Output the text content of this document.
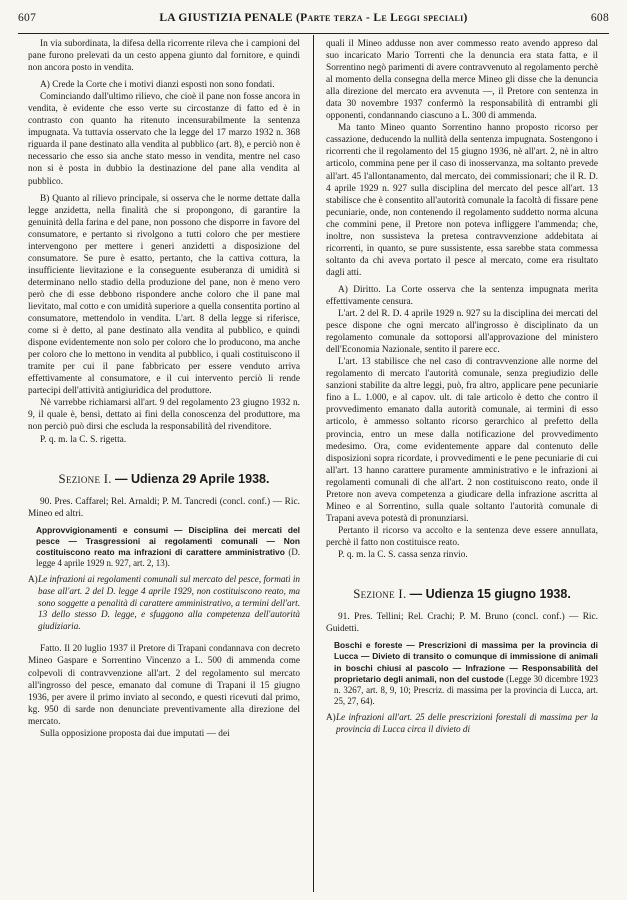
607	LA GIUSTIZIA PENALE (Parte terza - Le Leggi speciali)	608

In via subordinata, la difesa della ricorrente rileva che i campioni del pane furono prelevati da un cesto appena giunto dal fornitore, e quindi non ancora posto in vendita.

A) Crede la Corte che i motivi dianzi esposti non sono fondati.

Cominciando dall'ultimo rilievo, che cioè il pane non fosse ancora in vendita, è evidente che esso verte su circostanze di fatto ed è in contrasto con quanto ha ritenuto incensurabilmente la sentenza impugnata. Va tuttavia osservato che la legge del 17 marzo 1932 n. 368 riguarda il pane destinato alla vendita al pubblico (art. 8), e perciò non è necessario che esso sia anche stato messo in vendita, mentre nel caso non si è posta in dubbio la destinazione del pane alla vendita al pubblico.

B) Quanto al rilievo principale, si osserva che le norme dettate dalla legge anzidetta, nella finalità che si propongono, di garantire la genuinità della farina e del pane, non possono che disporre in favore del consumatore, e pertanto si rivolgono a tutti coloro che per mestiere intervengono per mettere i generi anzidetti a disposizione del consumatore. Se pure è esatto, pertanto, che la cattiva cottura, la insufficiente lievitazione e la conseguente esuberanza di umidità si determinano nello stadio della produzione del pane, non è meno vero però che di esse debbono rispondere anche coloro che il pane mal lievitato, mal cotto e con umidità superiore a quella consentita portino al consumatore, mettendolo in vendita. L'art. 8 della legge si riferisce, come si è detto, al pane destinato alla vendita al pubblico, e quindi dispone evidentemente non solo per coloro che lo producono, ma anche per coloro che lo mettono in vendita al pubblico, i quali costituiscono il tramite per cui il pane fabbricato per essere venduto arriva effettivamente al consumatore, e il cui intervento perciò li rende partecipi dell'attività antigiuridica del produttore.

Nè varrebbe richiamarsi all'art. 9 del regolamento 23 giugno 1932 n. 9, il quale è, bensì, dettato ai fini della conoscenza del produttore, ma non perciò può dirsi che escluda la responsabilità del rivenditore.

P. q. m. la C. S. rigetta.

Sezione I. — Udienza 29 Aprile 1938.

90. Pres. Caffarel; Rel. Arnaldi; P. M. Tancredi (concl. conf.) — Ric. Mineo ed altri.

Approvvigionamenti e consumi — Disciplina dei mercati del pesce — Trasgressioni ai regolamenti comunali — Non costituiscono reato ma infrazioni di carattere amministrativo (D. legge 4 aprile 1929 n. 927, art. 2, 13).

A)Le infrazioni ai regolamenti comunali sul mercato del pesce, formati in base all'art. 2 del D. legge 4 aprile 1929, non costituiscono reato, ma sono soggette a penalità di carattere amministrativo, a termini dell'art. 13 dello stesso D. legge, e sfuggono alla competenza dell'autorità giudiziaria.

Fatto. Il 20 luglio 1937 il Pretore di Trapani condannava con decreto Mineo Gaspare e Sorrentino Vincenzo a L. 500 di ammenda come colpevoli di contravvenzione all'art. 2 del regolamento sul mercato all'ingrosso del pesce, emanato dal comune di Trapani il 15 giugno 1936, per avere il primo inviato al secondo, e questi ricevuti dal primo, kg. 950 di sarde non denunciate preventivamente alla direzione del mercato.

Sulla opposizione proposta dai due imputati — dei

quali il Mineo addusse non aver commesso reato avendo appreso dal suo incaricato Mario Torrenti che la denuncia era stata fatta, e il Sorrentino negò parimenti di avere contravvenuto al regolamento perchè al momento della consegna della merce Mineo gli disse che la denuncia alla direzione del mercato era avvenuta —, il Pretore con sentenza in data 30 novembre 1937 confermò la responsabilità di entrambi gli opponenti, condannando ciascuno a L. 300 di ammenda.

Ma tanto Mineo quanto Sorrentino hanno proposto ricorso per cassazione, deducendo la nullità della sentenza impugnata. Sostengono i ricorrenti che il regolamento del 15 giugno 1936, nè all'art. 2, nè in altro articolo, commina pene per il caso di inosservanza, ma soltanto prevede all'art. 45 l'allontanamento, dal mercato, dei commissionari; che il R. D. 4 aprile 1929 n. 927 sulla disciplina del mercato del pesce all'art. 13 stabilisce che è consentito all'autorità comunale la facoltà di fissare pene pecuniarie, onde, non contenendo il regolamento suddetto norma alcuna che commini pene, il Pretore non poteva infliggere l'ammenda; che, inoltre, non sussisteva la pretesa contravvenzione addebitata ai ricorrenti, in quanto, se pure sussistente, essa sarebbe stata commessa soltanto da chi aveva portato il pesce al mercato, come era risultato dagli atti.

A) Diritto. La Corte osserva che la sentenza impugnata merita effettivamente censura.

L'art. 2 del R. D. 4 aprile 1929 n. 927 su la disciplina dei mercati del pesce dispone che ogni mercato all'ingrosso è disciplinato da un regolamento comunale da sottoporsi all'approvazione del ministero dell'Economia Nazionale, sentito il parere ecc.

L'art. 13 stabilisce che nel caso di contravvenzione alle norme del regolamento di mercato l'autorità comunale, senza pregiudizio delle sanzioni stabilite da altre leggi, può, fra altro, applicare pene pecuniarie fino a L. 1.000, e al capov. ult. di tale articolo è detto che contro il provvedimento emanato dalla autorità comunale, ai termini di esso articolo, è ammesso soltanto ricorso gerarchico al prefetto della provincia, entro un mese dalla notificazione del provvedimento medesimo. Ora, come evidentemente appare dal contenuto delle disposizioni sopra ricordate, i provvedimenti e le pene pecuniarie di cui all'art. 13 hanno carattere puramente amministrativo e le infrazioni ai regolamenti comunali di che all'art. 2 non costituiscono reato, onde il Pretore non aveva competenza a giudicare della infrazione ascritta al Mineo e al Sorrentino, sulla quale soltanto l'autorità comunale di Trapani aveva potestà di pronunziarsi.

Pertanto il ricorso va accolto e la sentenza deve essere annullata, perchè il fatto non costituisce reato.

P. q. m. la C. S. cassa senza rinvio.

Sezione I. — Udienza 15 giugno 1938.

91. Pres. Tellini; Rel. Crachi; P. M. Bruno (concl. conf.) — Ric. Guidetti.

Boschi e foreste — Prescrizioni di massima per la provincia di Lucca — Divieto di transito o comunque di immissione di animali in boschi chiusi al pascolo — Infrazione — Responsabilità del proprietario degli animali, non del custode (Legge 30 dicembre 1923 n. 3267, art. 8, 9, 10; Prescriz. di massima per la provincia di Lucca, art. 25, 27, 64).

A)Le infrazioni all'art. 25 delle prescrizioni forestali di massima per la provincia di Lucca circa il divieto di
